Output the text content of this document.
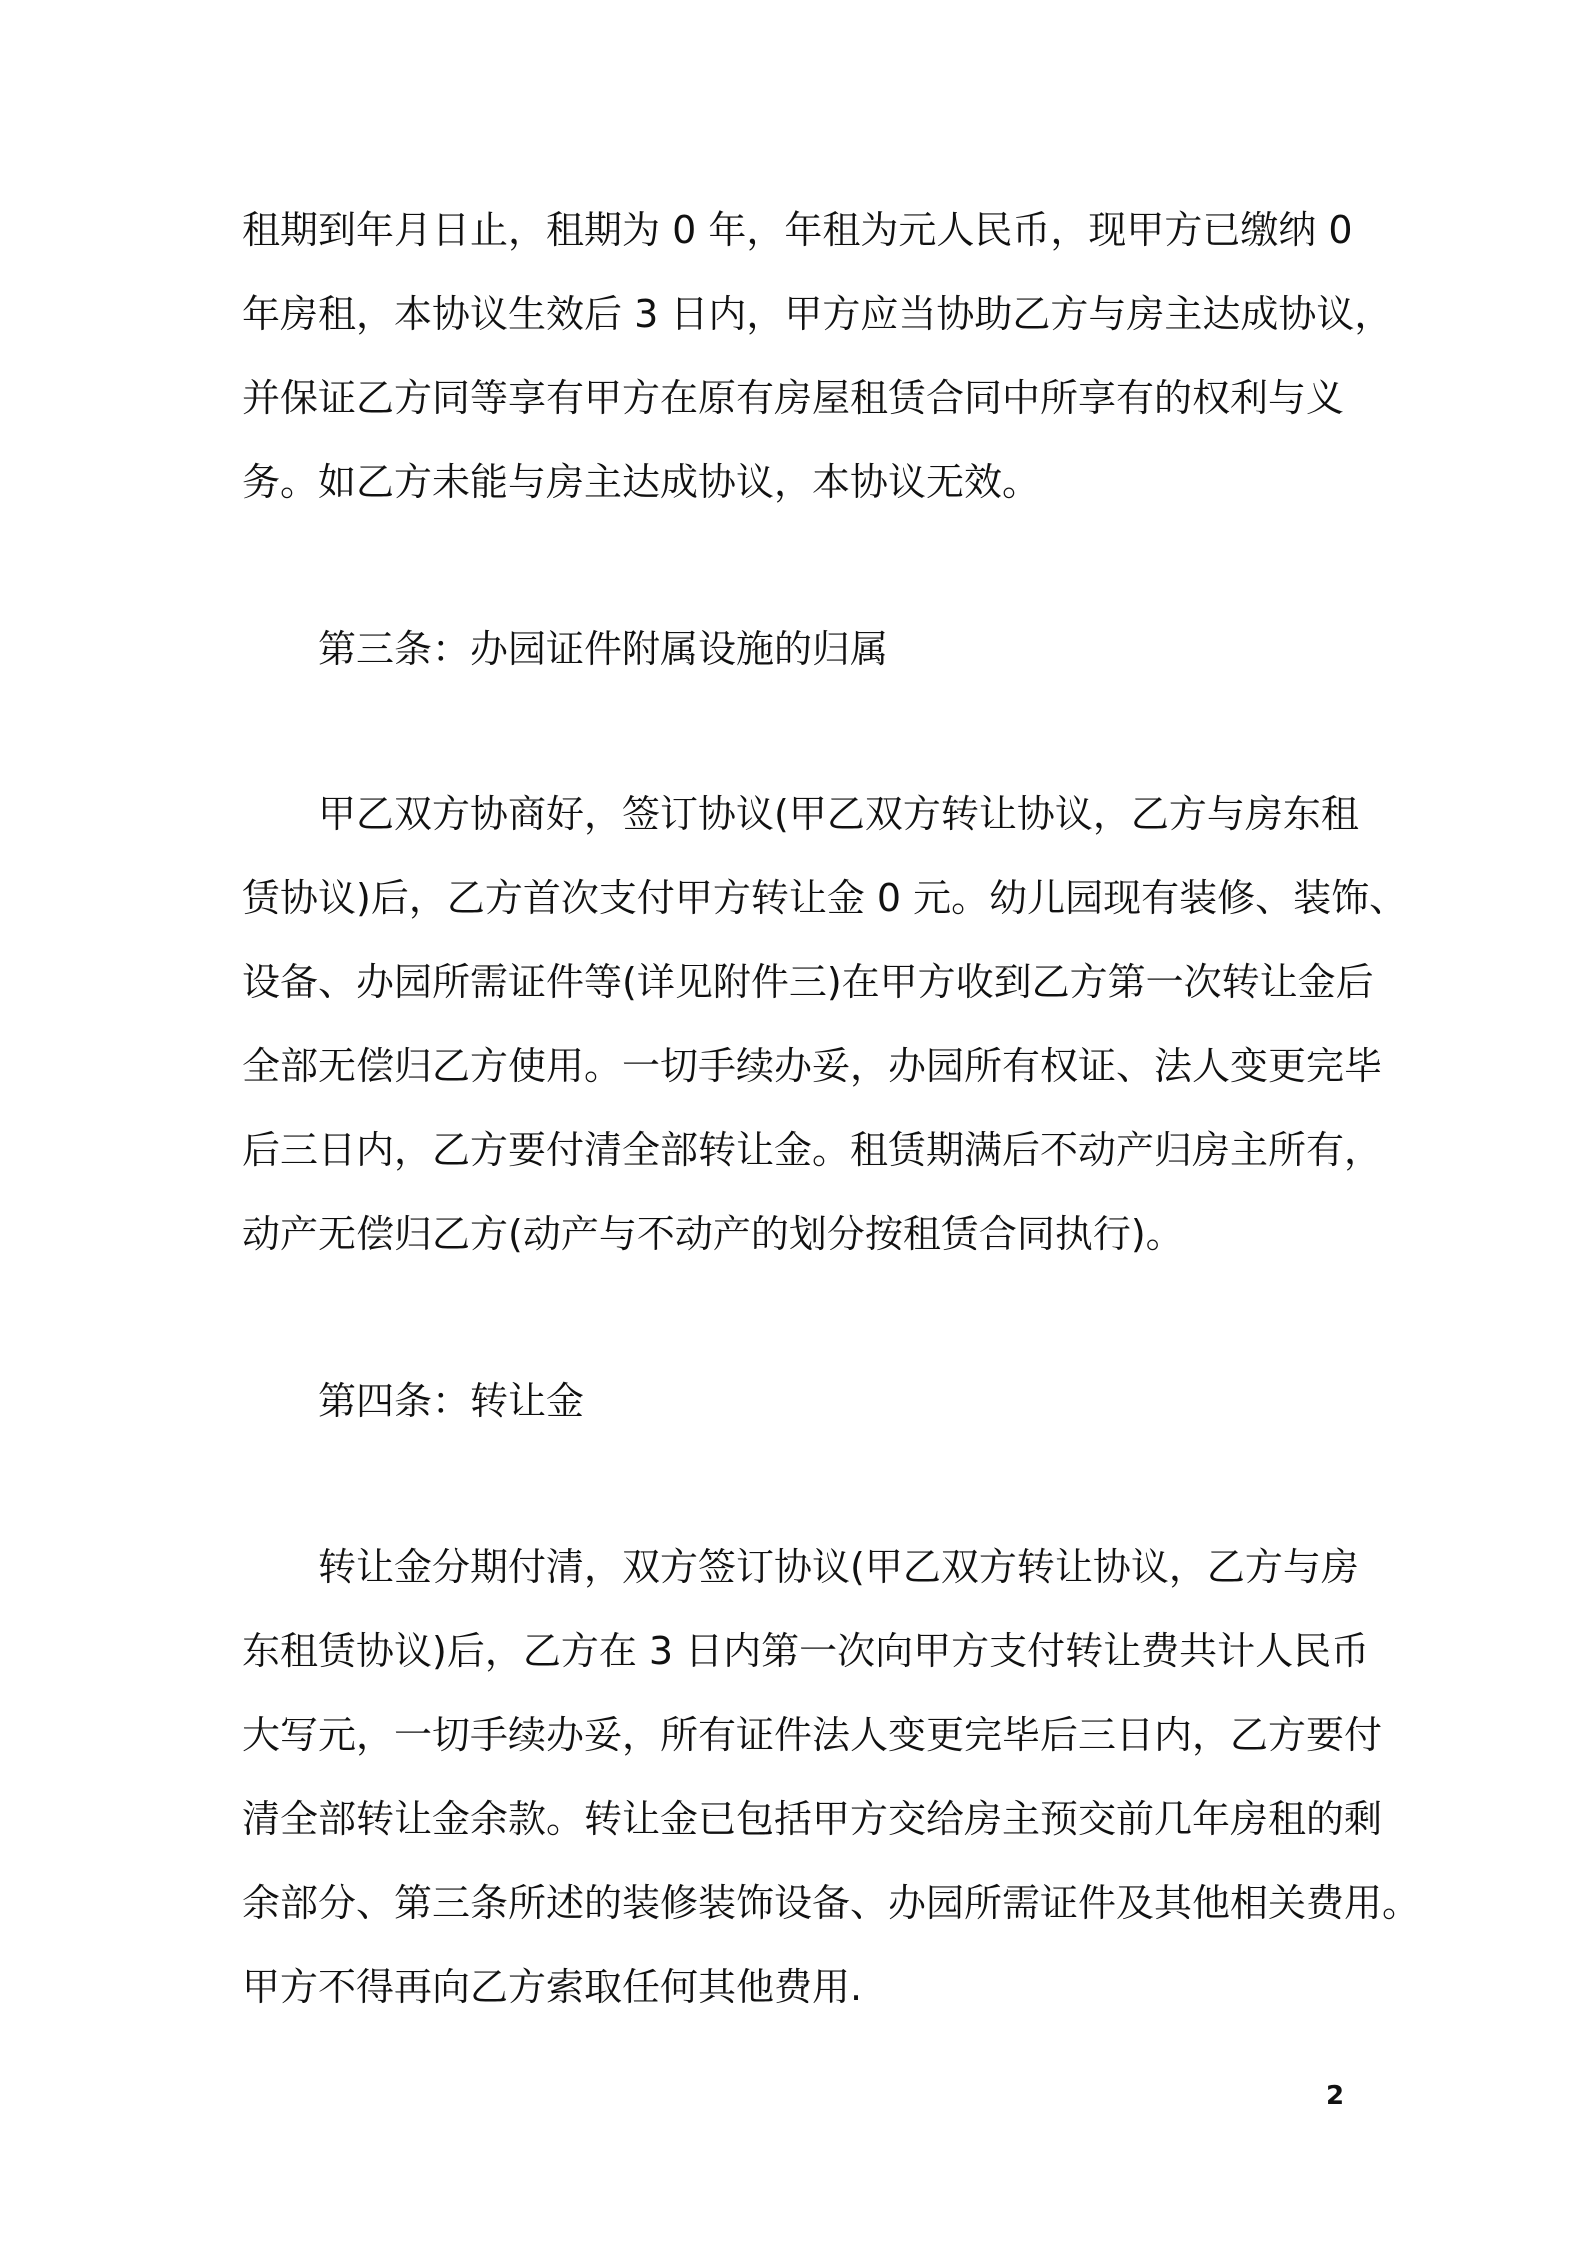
租期到年月日止，租期为 0 年，年租为元人民币，现甲方已缴纳 0

年房租，本协议生效后 3 日内，甲方应当协助乙方与房主达成协议，

并保证乙方同等享有甲方在原有房屋租赁合同中所享有的权利与义

务。如乙方未能与房主达成协议，本协议无效。

第三条：办园证件附属设施的归属

甲乙双方协商好，签订协议(甲乙双方转让协议，乙方与房东租

赁协议)后，乙方首次支付甲方转让金 0 元。幼儿园现有装修、装饰、

设备、办园所需证件等(详见附件三)在甲方收到乙方第一次转让金后

全部无偿归乙方使用。一切手续办妥，办园所有权证、法人变更完毕

后三日内，乙方要付清全部转让金。租赁期满后不动产归房主所有，

动产无偿归乙方(动产与不动产的划分按租赁合同执行)。

第四条：转让金

转让金分期付清，双方签订协议(甲乙双方转让协议，乙方与房

东租赁协议)后，乙方在 3 日内第一次向甲方支付转让费共计人民币

大写元，一切手续办妥，所有证件法人变更完毕后三日内，乙方要付

清全部转让金余款。转让金已包括甲方交给房主预交前几年房租的剩

余部分、第三条所述的装修装饰设备、办园所需证件及其他相关费用。

甲方不得再向乙方索取任何其他费用.

2
